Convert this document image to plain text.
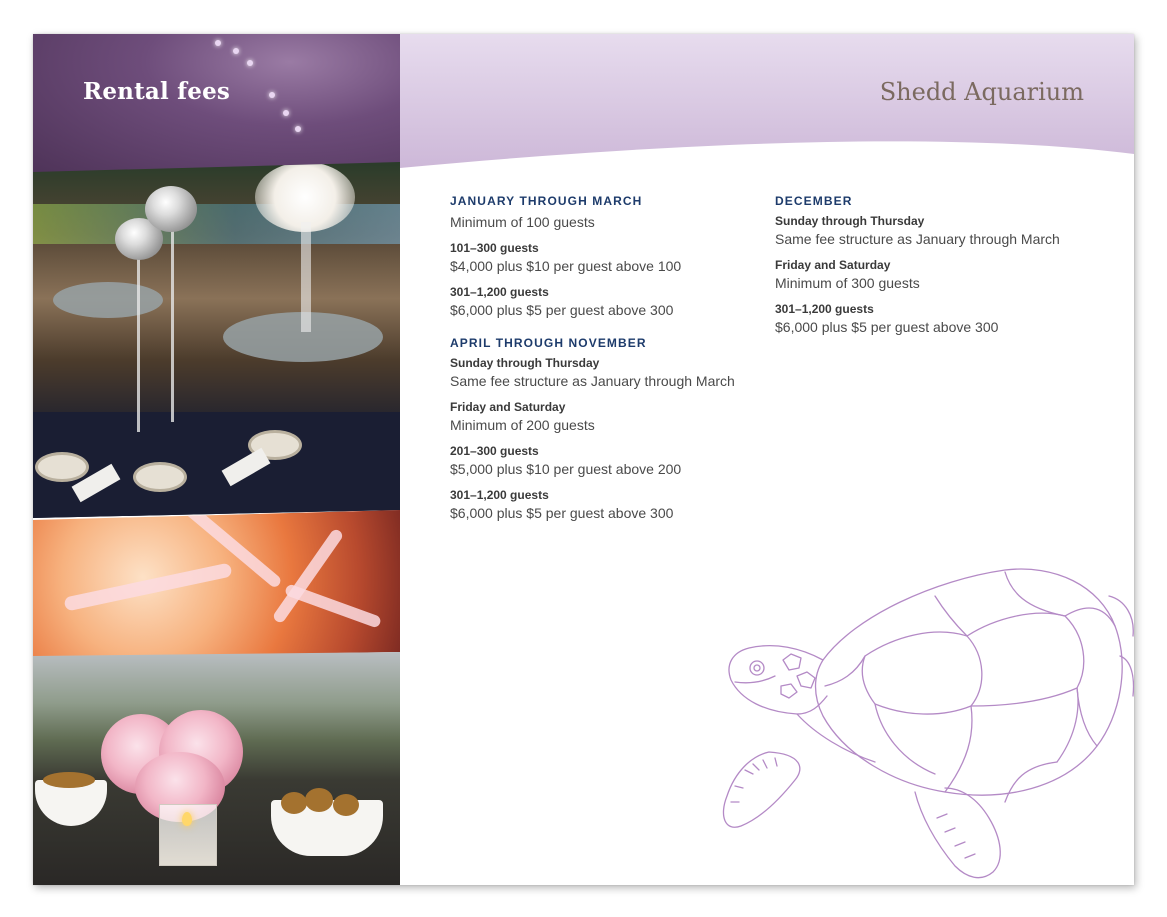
Rental fees	Shedd Aquarium
JANUARY THROUGH MARCH
Minimum of 100 guests
101–300 guests
$4,000 plus $10 per guest above 100
301–1,200 guests
$6,000 plus $5 per guest above 300
APRIL THROUGH NOVEMBER
Sunday through Thursday
Same fee structure as January through March
Friday and Saturday
Minimum of 200 guests
201–300 guests
$5,000 plus $10 per guest above 200
301–1,200 guests
$6,000 plus $5 per guest above 300
DECEMBER
Sunday through Thursday
Same fee structure as January through March
Friday and Saturday
Minimum of 300 guests
301–1,200 guests
$6,000 plus $5 per guest above 300
